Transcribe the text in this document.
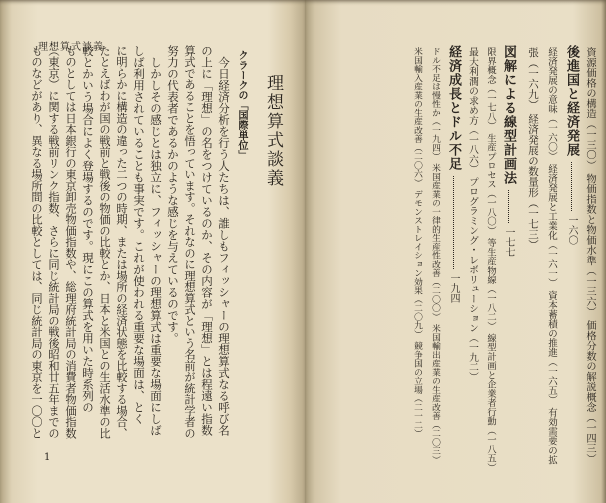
理想算式談義
理想算式談義
クラークの「国際単位」
　今日経済分析を行う人たちは、誰しもフィッシャーの理想算式なる呼び名
の上に「理想」の名をつけているのか、その内容が「理想」とは程遠い指数
算式であることを悟っています。それなのに理想算式という名前が統計学者の
努力の代表者であるかのような感じを与えているのです。
　しかしその感じとは独立に、フィッシャーの理想算式は重要な場面にしば
しば利用されていることも事実です。これが使われる重要な場面は、とく
に明らかに構造の違った二つの時期、または場所の経済状態を比較する場合、
たとえばわが国の戦前と戦後の物価の比較とか、日本と米国との生活水準の比
較とかいう場合によく登場するのです。現にこの算式を用いた時系列の
ものとしては日本銀行の東京卸売物価指数や、総理府統計局の消費者物価指数
（東京）に関する戦前リンク指数、さらに同じ統計局の戦後昭和廿五年までの
ものなどがあり、異なる場所間の比較としては、同じ統計局の東京を一〇〇と
1	資源価格の構造（一三〇） 物価指数と物価水準（一三六） 価格分数の解説概念（一四三）
後進国と経済発展
一六〇
経済発展の意味（一六〇） 経済発展と工業化（一六一） 資本蓄積の推進（一六五） 有効需要の拡
張（一六九） 経済発展の数量形（一七三）
図解による線型計画法
一七七
限界概念（一七八） 生産プロセス（一八〇） 等生産物線（一八二） 線型計画と企業者行動（一八五）
最大利潤の求め方（一八六） プログラミング・レボリューション（一九二）
経済成長とドル不足
一九四
ドル不足は慢性か（一九四） 米国産業の一律的生産性改善（二〇〇） 米国輸出産業の生産改善（二〇三）
米国輸入産業の生産改善（二〇六） デモンストレイション効果（二〇九） 競争国の立場（二一二）
